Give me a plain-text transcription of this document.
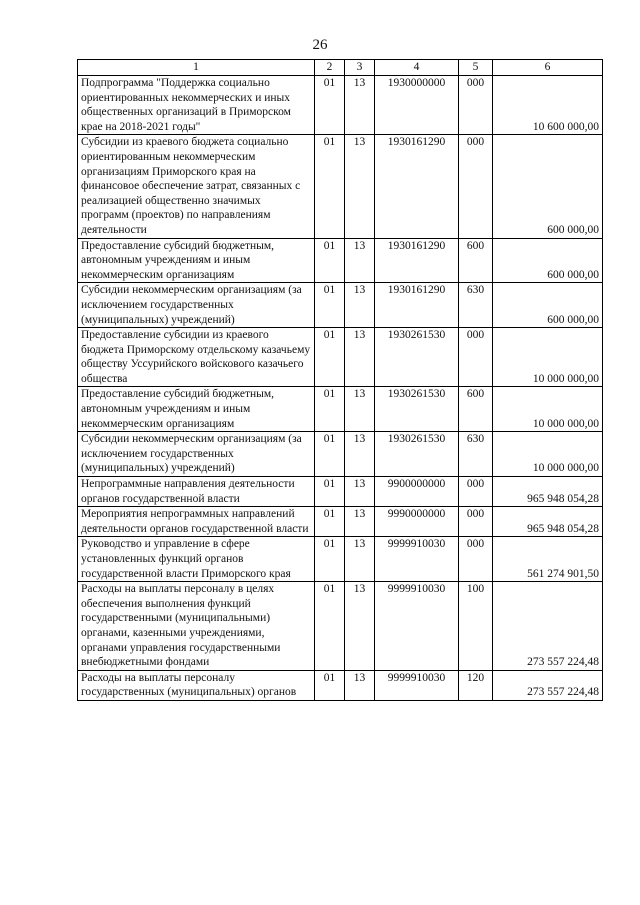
26
1	2	3	4	5	6
Подпрограмма "Поддержка социально ориентированных некоммерческих и иных общественных организаций в Приморском крае на 2018-2021 годы"	01	13	1930000000	000	10 600 000,00
Субсидии из краевого бюджета социально ориентированным некоммерческим организациям Приморского края на финансовое обеспечение затрат, связанных с реализацией общественно значимых программ (проектов) по направлениям деятельности	01	13	1930161290	000	600 000,00
Предоставление субсидий бюджетным, автономным учреждениям и иным некоммерческим организациям	01	13	1930161290	600	600 000,00
Субсидии некоммерческим организациям (за исключением государственных (муниципальных) учреждений)	01	13	1930161290	630	600 000,00
Предоставление субсидии из краевого бюджета Приморскому отдельскому казачьему обществу Уссурийского войскового казачьего общества	01	13	1930261530	000	10 000 000,00
Предоставление субсидий бюджетным, автономным учреждениям и иным некоммерческим организациям	01	13	1930261530	600	10 000 000,00
Субсидии некоммерческим организациям (за исключением государственных (муниципальных) учреждений)	01	13	1930261530	630	10 000 000,00
Непрограммные направления деятельности органов государственной власти	01	13	9900000000	000	965 948 054,28
Мероприятия непрограммных направлений деятельности органов государственной власти	01	13	9990000000	000	965 948 054,28
Руководство и управление в сфере установленных функций органов государственной власти Приморского края	01	13	9999910030	000	561 274 901,50
Расходы на выплаты персоналу в целях обеспечения выполнения функций государственными (муниципальными) органами, казенными учреждениями, органами управления государственными внебюджетными фондами	01	13	9999910030	100	273 557 224,48
Расходы на выплаты персоналу государственных (муниципальных) органов	01	13	9999910030	120	273 557 224,48
